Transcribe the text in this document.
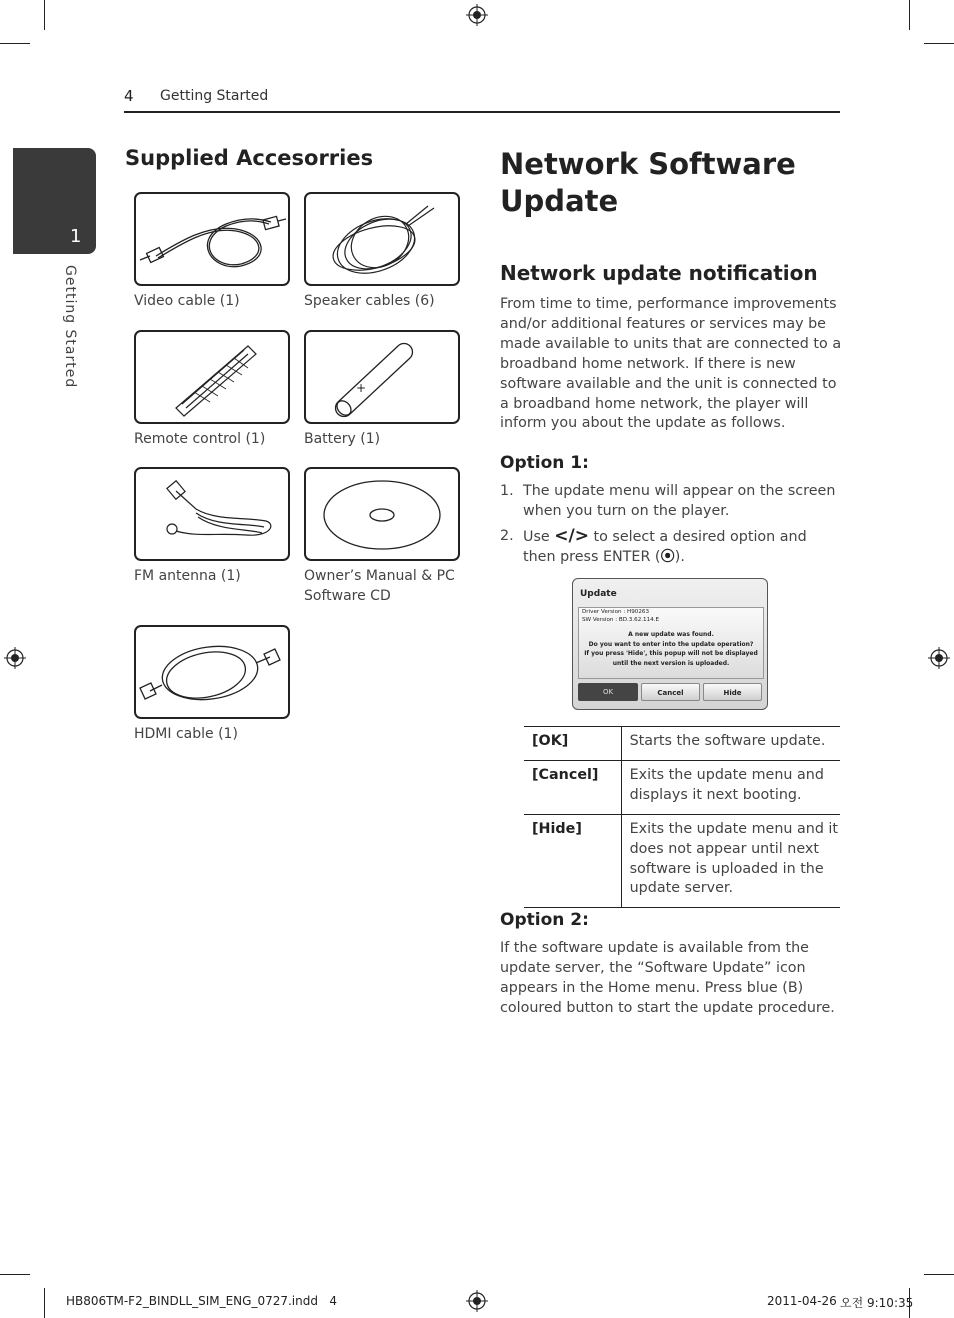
4 Getting Started
1
Getting Started
Supplied Accesorries
Video cable (1)	Speaker cables (6)
Remote control (1)
+
Battery (1)
FM antenna (1)	Owner’s Manual & PC Software CD
HDMI cable (1)
Network Software Update
Network update notification
From time to time, performance improvements and/or additional features or services may be made available to units that are connected to a broadband home network. If there is new software available and the unit is connected to a broadband home network, the player will inform you about the update as follows.
Option 1:
1. The update menu will appear on the screen when you turn on the player.
2. Use </> to select a desired option and then press ENTER (⦿).
Update
Driver Version : H90263
SW Version : BD.3.62.114.E
A new update was found.
Do you want to enter into the update operation?
If you press 'Hide', this popup will not be displayed
until the next version is uploaded.
OK	Cancel	Hide
[OK]	Starts the software update.
[Cancel]	Exits the update menu and displays it next booting.
[Hide]	Exits the update menu and it does not appear until next software is uploaded in the update server.
Option 2:
If the software update is available from the update server, the “Software Update” icon appears in the Home menu. Press blue (B) coloured button to start the update procedure.
HB806TM-F2_BINDLL_SIM_ENG_0727.indd   4	2011-04-26 오전 9:10:35
